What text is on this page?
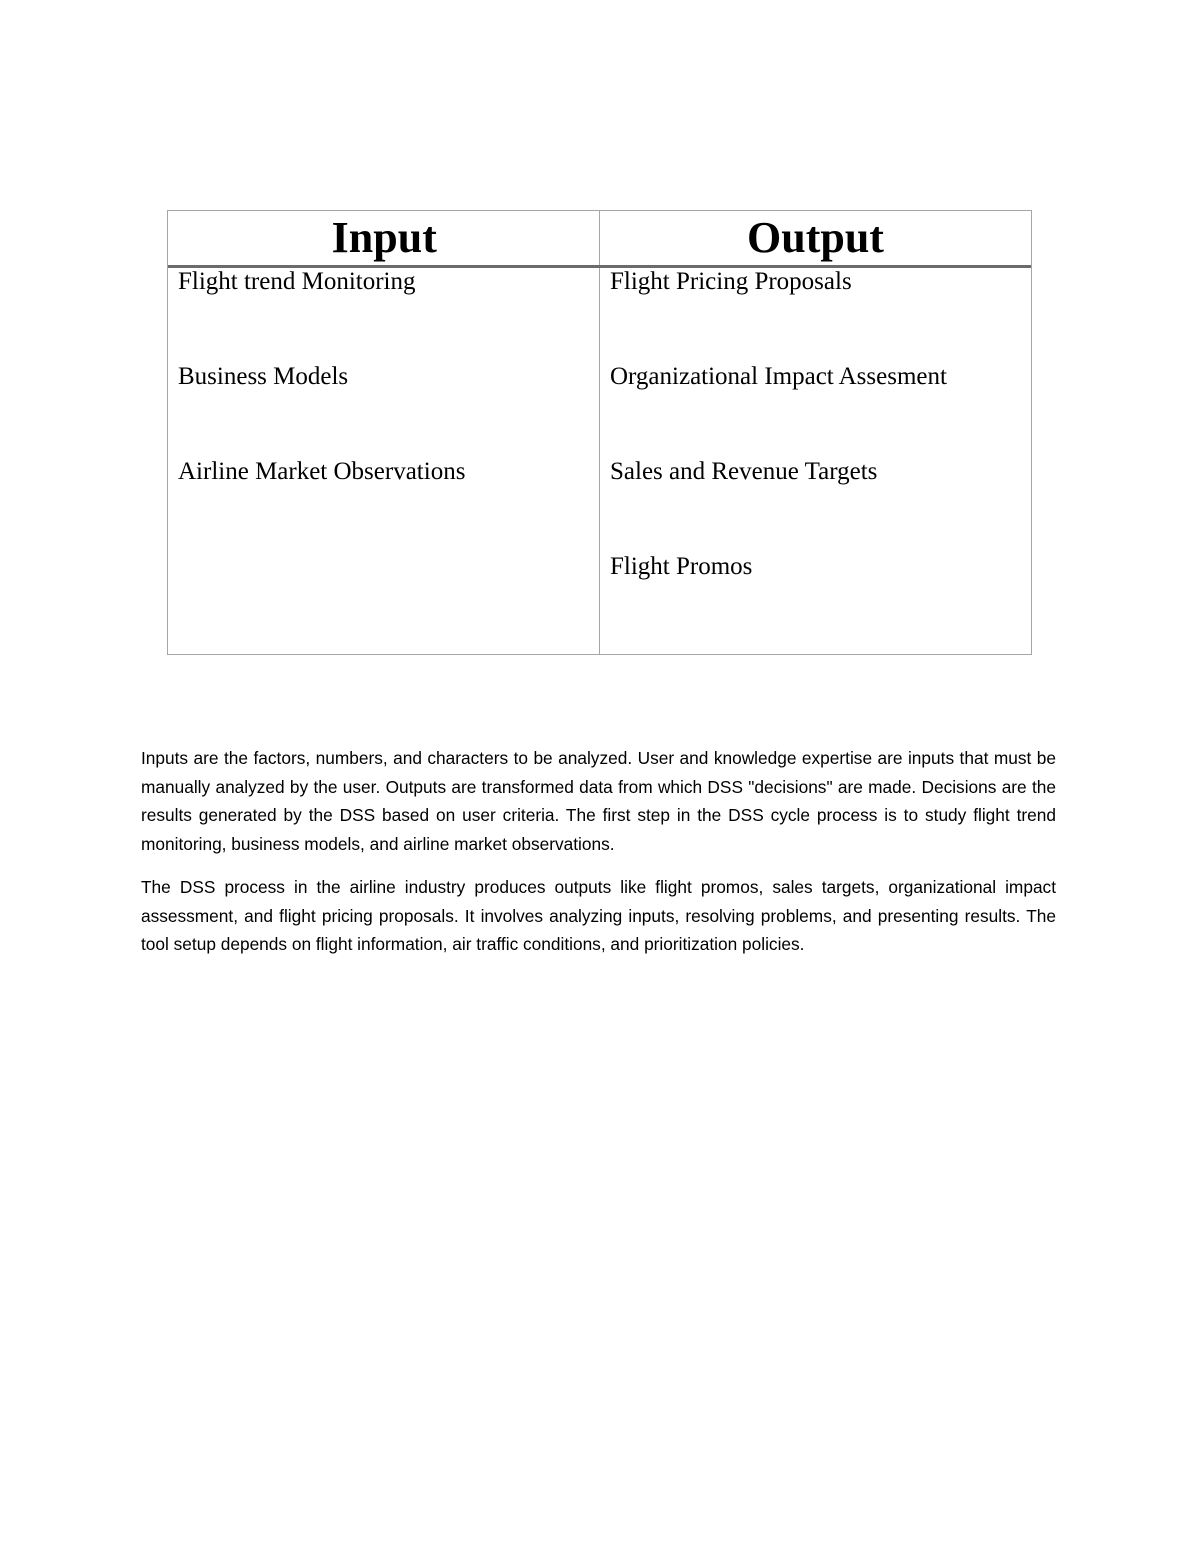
Input
Flight trend Monitoring
Business Models
Airline Market Observations
Output
Flight Pricing Proposals
Organizational Impact Assesment
Sales and Revenue Targets
Flight Promos

Inputs are the factors, numbers, and characters to be analyzed. User and knowledge expertise are inputs that must be manually analyzed by the user. Outputs are transformed data from which DSS "decisions" are made. Decisions are the results generated by the DSS based on user criteria. The first step in the DSS cycle process is to study flight trend monitoring, business models, and airline market observations.

The DSS process in the airline industry produces outputs like flight promos, sales targets, organizational impact assessment, and flight pricing proposals. It involves analyzing inputs, resolving problems, and presenting results. The tool setup depends on flight information, air traffic conditions, and prioritization policies.
